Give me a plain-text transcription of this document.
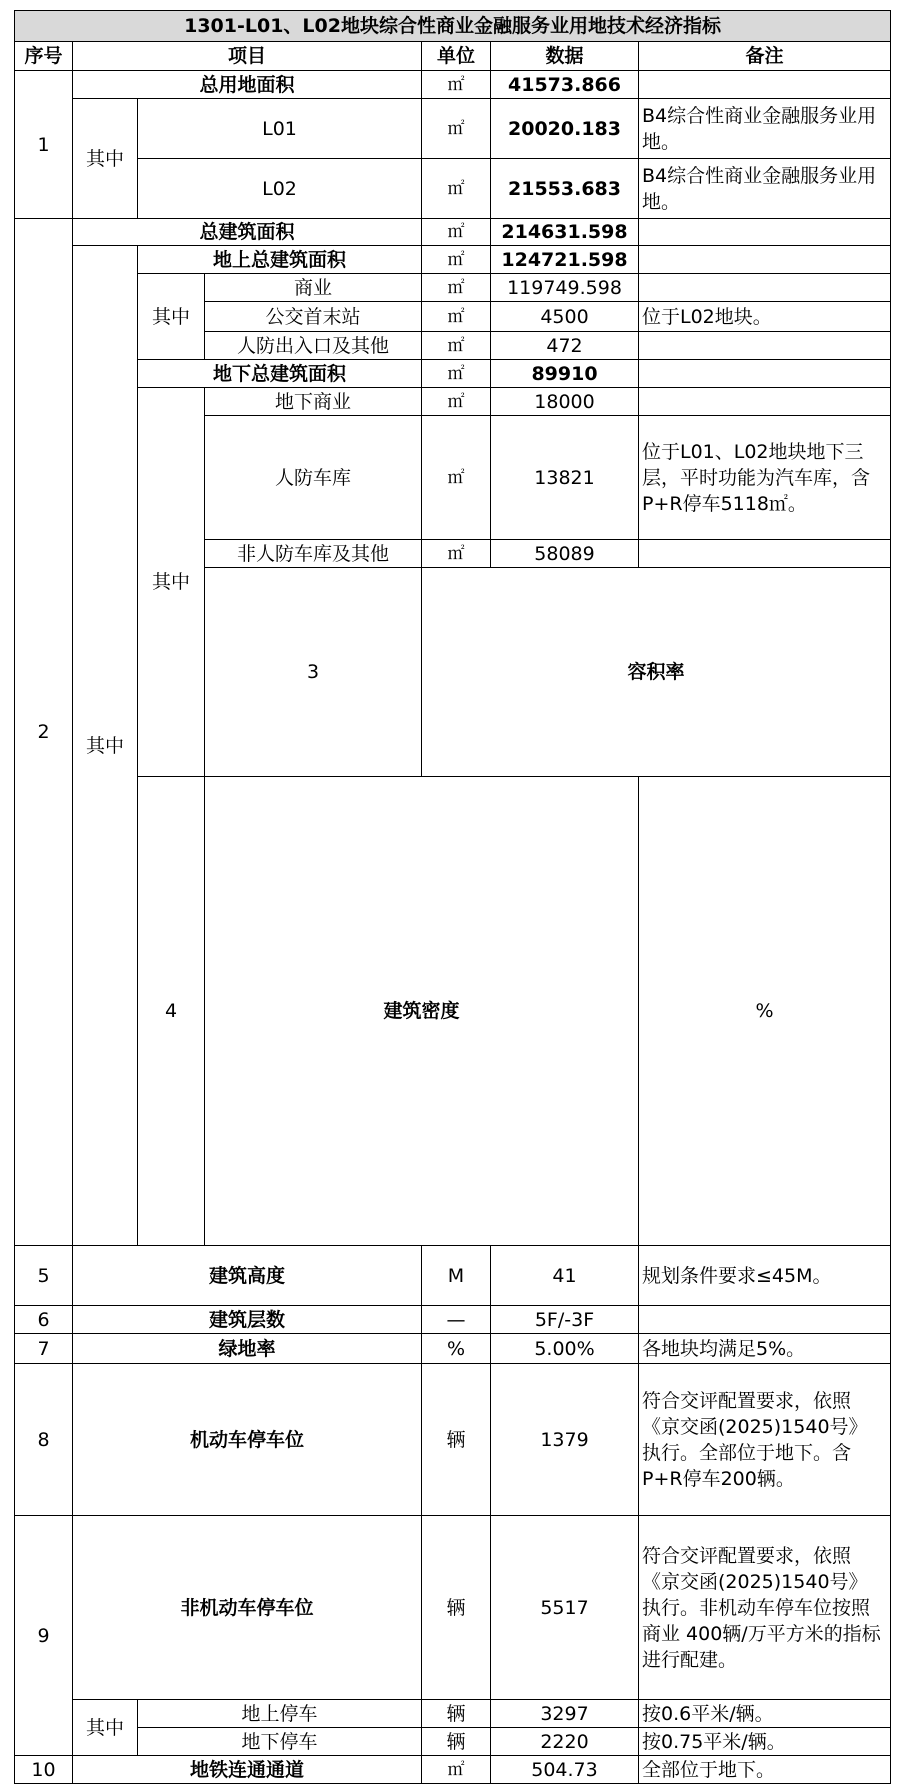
1301-L01、L02地块综合性商业金融服务业用地技术经济指标							
序号	项目			单位	数据	备注	
1	总用地面积			㎡	41573.866		
	其中	L01		㎡	20020.183	B4综合性商业金融服务业用地。	
		L02		㎡	21553.683	B4综合性商业金融服务业用地。	
2	总建筑面积			㎡	214631.598		
	其中	地上总建筑面积		㎡	124721.598		
		其中	商业	㎡	119749.598		
			公交首末站	㎡	4500	位于L02地块。	
			人防出入口及其他	㎡	472		
		地下总建筑面积		㎡	89910		
		其中	地下商业	㎡	18000		
			人防车库	㎡	13821	位于L01、L02地块地下三层，平时功能为汽车库，含P+R停车5118㎡。	
			非人防车库及其他	㎡	58089		
			3	容积率			
		4	建筑密度			%		
5	建筑高度			M	41	规划条件要求≤45M。	
6	建筑层数			—	5F/-3F		
7	绿地率			%	5.00%	各地块均满足5%。	
8	机动车停车位			辆	1379	符合交评配置要求，依照《京交函(2025)1540号》执行。全部位于地下。含P+R停车200辆。	
9	非机动车停车位			辆	5517	符合交评配置要求，依照《京交函(2025)1540号》执行。非机动车停车位按照商业 400辆/万平方米的指标进行配建。	
	其中	地上停车		辆	3297	按0.6平米/辆。	
		地下停车		辆	2220	按0.75平米/辆。	
10	地铁连通通道			㎡	504.73	全部位于地下。	
